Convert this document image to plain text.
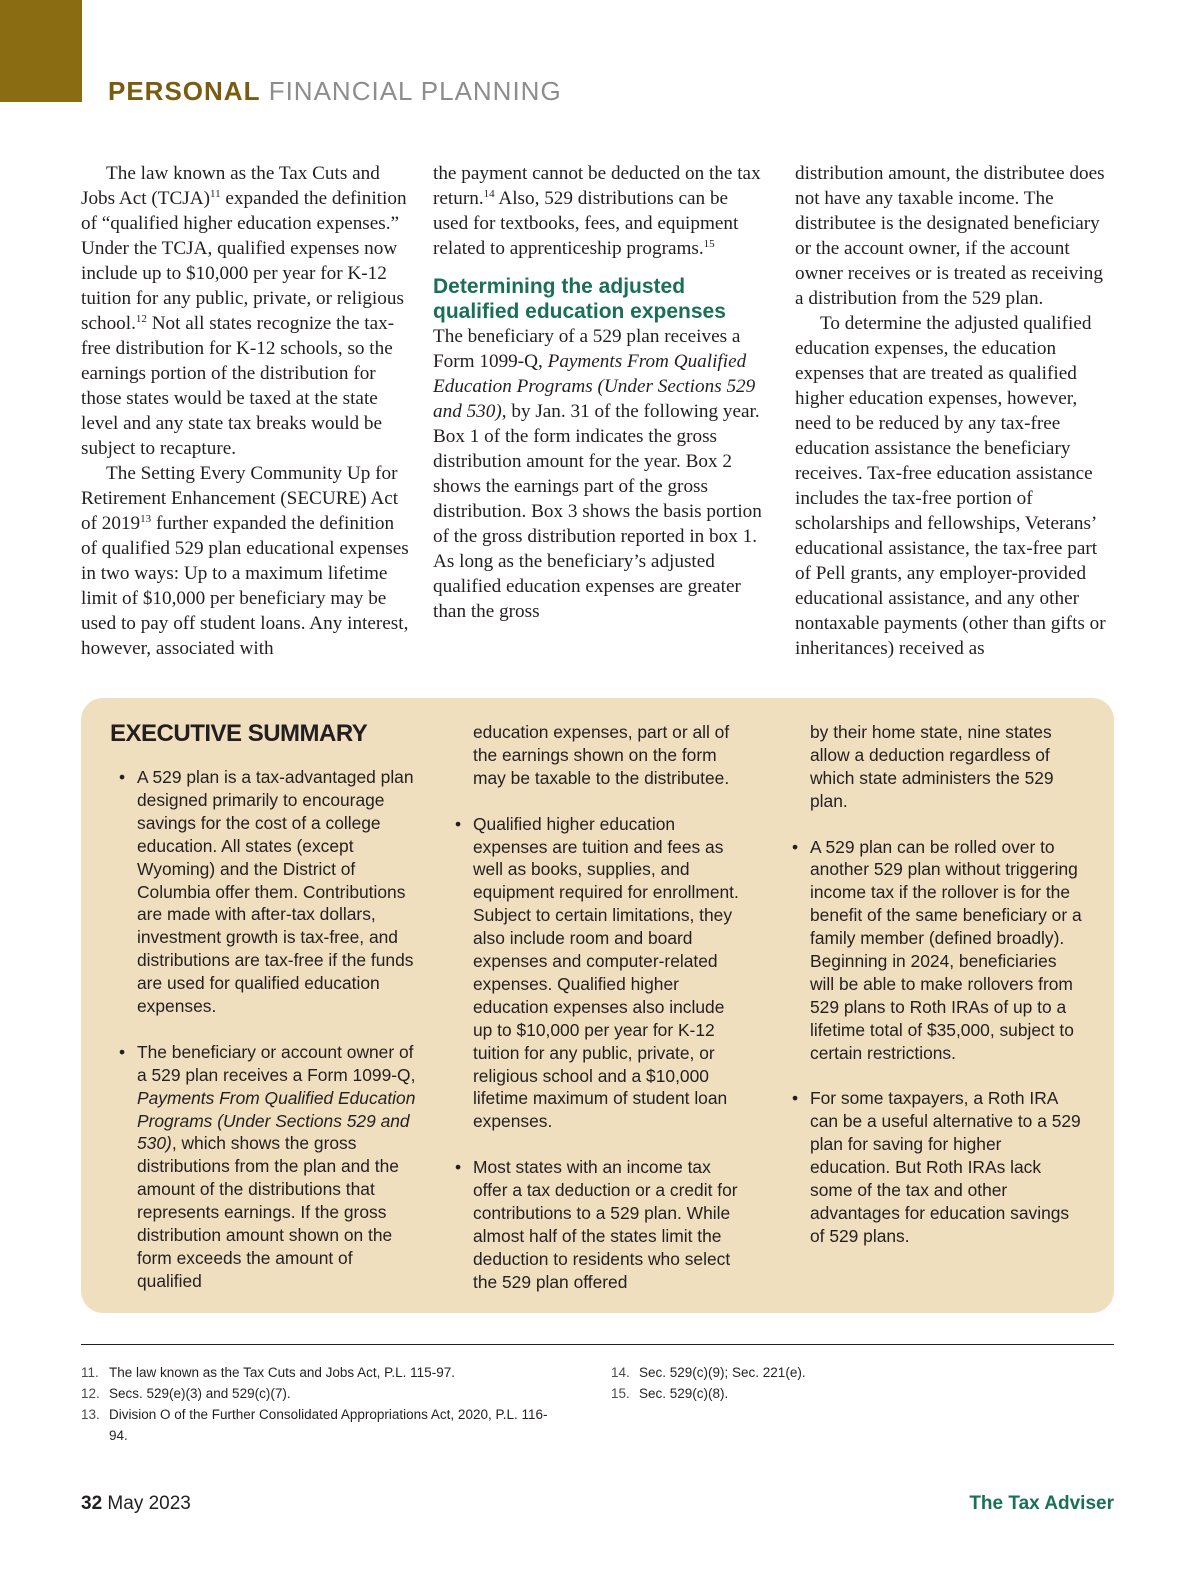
PERSONAL FINANCIAL PLANNING

The law known as the Tax Cuts and Jobs Act (TCJA)$^{11}$ expanded the definition of “qualified higher education expenses.” Under the TCJA, qualified expenses now include up to $10,000 per year for K-12 tuition for any public, private, or religious school.$^{12}$ Not all states recognize the tax-free distribution for K-12 schools, so the earnings portion of the distribution for those states would be taxed at the state level and any state tax breaks would be subject to recapture.

The Setting Every Community Up for Retirement Enhancement (SECURE) Act of 2019$^{13}$ further expanded the definition of qualified 529 plan educational expenses in two ways: Up to a maximum lifetime limit of $10,000 per beneficiary may be used to pay off student loans. Any interest, however, associated with

the payment cannot be deducted on the tax return.$^{14}$ Also, 529 distributions can be used for textbooks, fees, and equipment related to apprenticeship programs.$^{15}$

Determining the adjusted qualified education expenses

The beneficiary of a 529 plan receives a Form 1099-Q, Payments From Qualified Education Programs (Under Sections 529 and 530), by Jan. 31 of the following year. Box 1 of the form indicates the gross distribution amount for the year. Box 2 shows the earnings part of the gross distribution. Box 3 shows the basis portion of the gross distribution reported in box 1. As long as the beneficiary’s adjusted qualified education expenses are greater than the gross

distribution amount, the distributee does not have any taxable income. The distributee is the designated beneficiary or the account owner, if the account owner receives or is treated as receiving a distribution from the 529 plan.

To determine the adjusted qualified education expenses, the education expenses that are treated as qualified higher education expenses, however, need to be reduced by any tax-free education assistance the beneficiary receives. Tax-free education assistance includes the tax-free portion of scholarships and fellowships, Veterans’ educational assistance, the tax-free part of Pell grants, any employer-provided educational assistance, and any other nontaxable payments (other than gifts or inheritances) received as

EXECUTIVE SUMMARY
• A 529 plan is a tax-advantaged plan designed primarily to encourage savings for the cost of a college education. All states (except Wyoming) and the District of Columbia offer them. Contributions are made with after-tax dollars, investment growth is tax-free, and distributions are tax-free if the funds are used for qualified education expenses.
• The beneficiary or account owner of a 529 plan receives a Form 1099-Q, Payments From Qualified Education Programs (Under Sections 529 and 530), which shows the gross distributions from the plan and the amount of the distributions that represents earnings. If the gross distribution amount shown on the form exceeds the amount of qualified
education expenses, part or all of the earnings shown on the form may be taxable to the distributee.
• Qualified higher education expenses are tuition and fees as well as books, supplies, and equipment required for enrollment. Subject to certain limitations, they also include room and board expenses and computer-related expenses. Qualified higher education expenses also include up to $10,000 per year for K-12 tuition for any public, private, or religious school and a $10,000 lifetime maximum of student loan expenses.
• Most states with an income tax offer a tax deduction or a credit for contributions to a 529 plan. While almost half of the states limit the deduction to residents who select the 529 plan offered
by their home state, nine states allow a deduction regardless of which state administers the 529 plan.
• A 529 plan can be rolled over to another 529 plan without triggering income tax if the rollover is for the benefit of the same beneficiary or a family member (defined broadly). Beginning in 2024, beneficiaries will be able to make rollovers from 529 plans to Roth IRAs of up to a lifetime total of $35,000, subject to certain restrictions.
• For some taxpayers, a Roth IRA can be a useful alternative to a 529 plan for saving for higher education. But Roth IRAs lack some of the tax and other advantages for education savings of 529 plans.
11. The law known as the Tax Cuts and Jobs Act, P.L. 115-97.
12. Secs. 529(e)(3) and 529(c)(7).
13. Division O of the Further Consolidated Appropriations Act, 2020, P.L. 116-94.
14. Sec. 529(c)(9); Sec. 221(e).
15. Sec. 529(c)(8).
32 May 2023	The Tax Adviser
